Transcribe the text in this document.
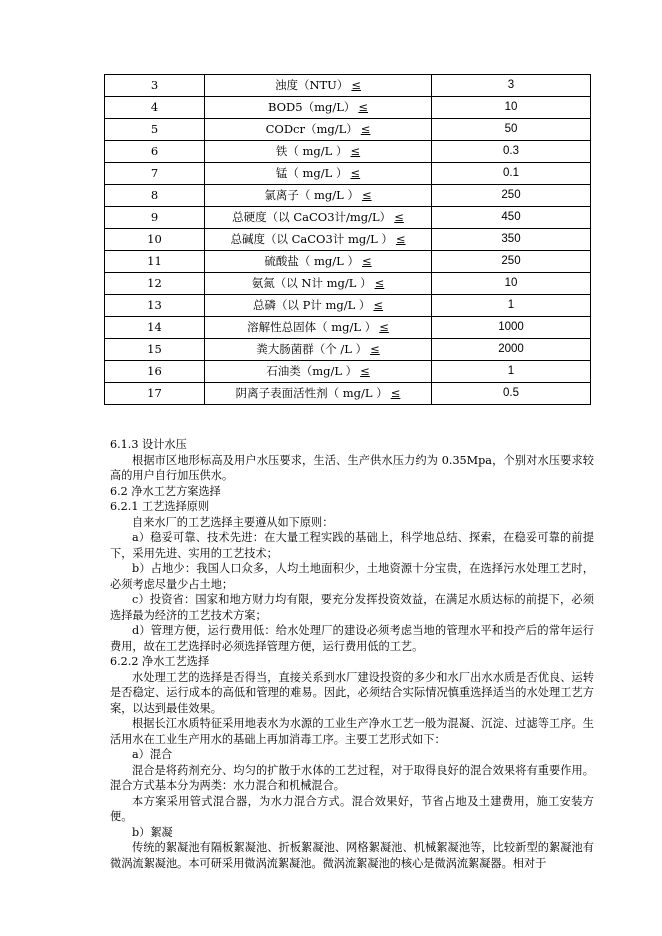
3	浊度（NTU） ≤	3
4	BOD5（mg/L） ≤	10
5	CODcr（mg/L） ≤	50
6	铁（ mg/L ） ≤	0.3
7	锰（ mg/L ） ≤	0.1
8	氯离子（ mg/L ） ≤	250
9	总硬度（以 CaCO3计/mg/L） ≤	450
10	总碱度（以 CaCO3计 mg/L ） ≤	350
11	硫酸盐（ mg/L ） ≤	250
12	氨氮（以 N计 mg/L ） ≤	10
13	总磷（以 P计 mg/L ） ≤	1
14	溶解性总固体（ mg/L ） ≤	1000
15	粪大肠菌群（个 /L ） ≤	2000
16	石油类（mg/L ） ≤	1
17	阴离子表面活性剂（ mg/L ） ≤	0.5

6.1.3 设计水压

根据市区地形标高及用户水压要求，生活、生产供水压力约为 0.35Mpa，个别对水压要求较高的用户自行加压供水。

6.2 净水工艺方案选择

6.2.1 工艺选择原则

自来水厂的工艺选择主要遵从如下原则：

a）稳妥可靠、技术先进：在大量工程实践的基础上，科学地总结、探索，在稳妥可靠的前提下，采用先进、实用的工艺技术；

b）占地少：我国人口众多，人均土地面积少，土地资源十分宝贵，在选择污水处理工艺时，必须考虑尽量少占土地；

c）投资省：国家和地方财力均有限，要充分发挥投资效益，在满足水质达标的前提下，必须选择最为经济的工艺技术方案；

d）管理方便，运行费用低：给水处理厂的建设必须考虑当地的管理水平和投产后的常年运行费用，故在工艺选择时必须选择管理方便，运行费用低的工艺。

6.2.2 净水工艺选择

水处理工艺的选择是否得当，直接关系到水厂建设投资的多少和水厂出水水质是否优良、运转是否稳定、运行成本的高低和管理的难易。因此，必须结合实际情况慎重选择适当的水处理工艺方案，以达到最佳效果。

根据长江水质特征采用地表水为水源的工业生产净水工艺一般为混凝、沉淀、过滤等工序。生活用水在工业生产用水的基础上再加消毒工序。主要工艺形式如下：

a）混合

混合是将药剂充分、均匀的扩散于水体的工艺过程，对于取得良好的混合效果将有重要作用。混合方式基本分为两类：水力混合和机械混合。

本方案采用管式混合器，为水力混合方式。混合效果好，节省占地及土建费用，施工安装方便。

b）絮凝

传统的絮凝池有隔板絮凝池、折板絮凝池、网格絮凝池、机械絮凝池等，比较新型的絮凝池有微涡流絮凝池。本可研采用微涡流絮凝池。微涡流絮凝池的核心是微涡流絮凝器。相对于
